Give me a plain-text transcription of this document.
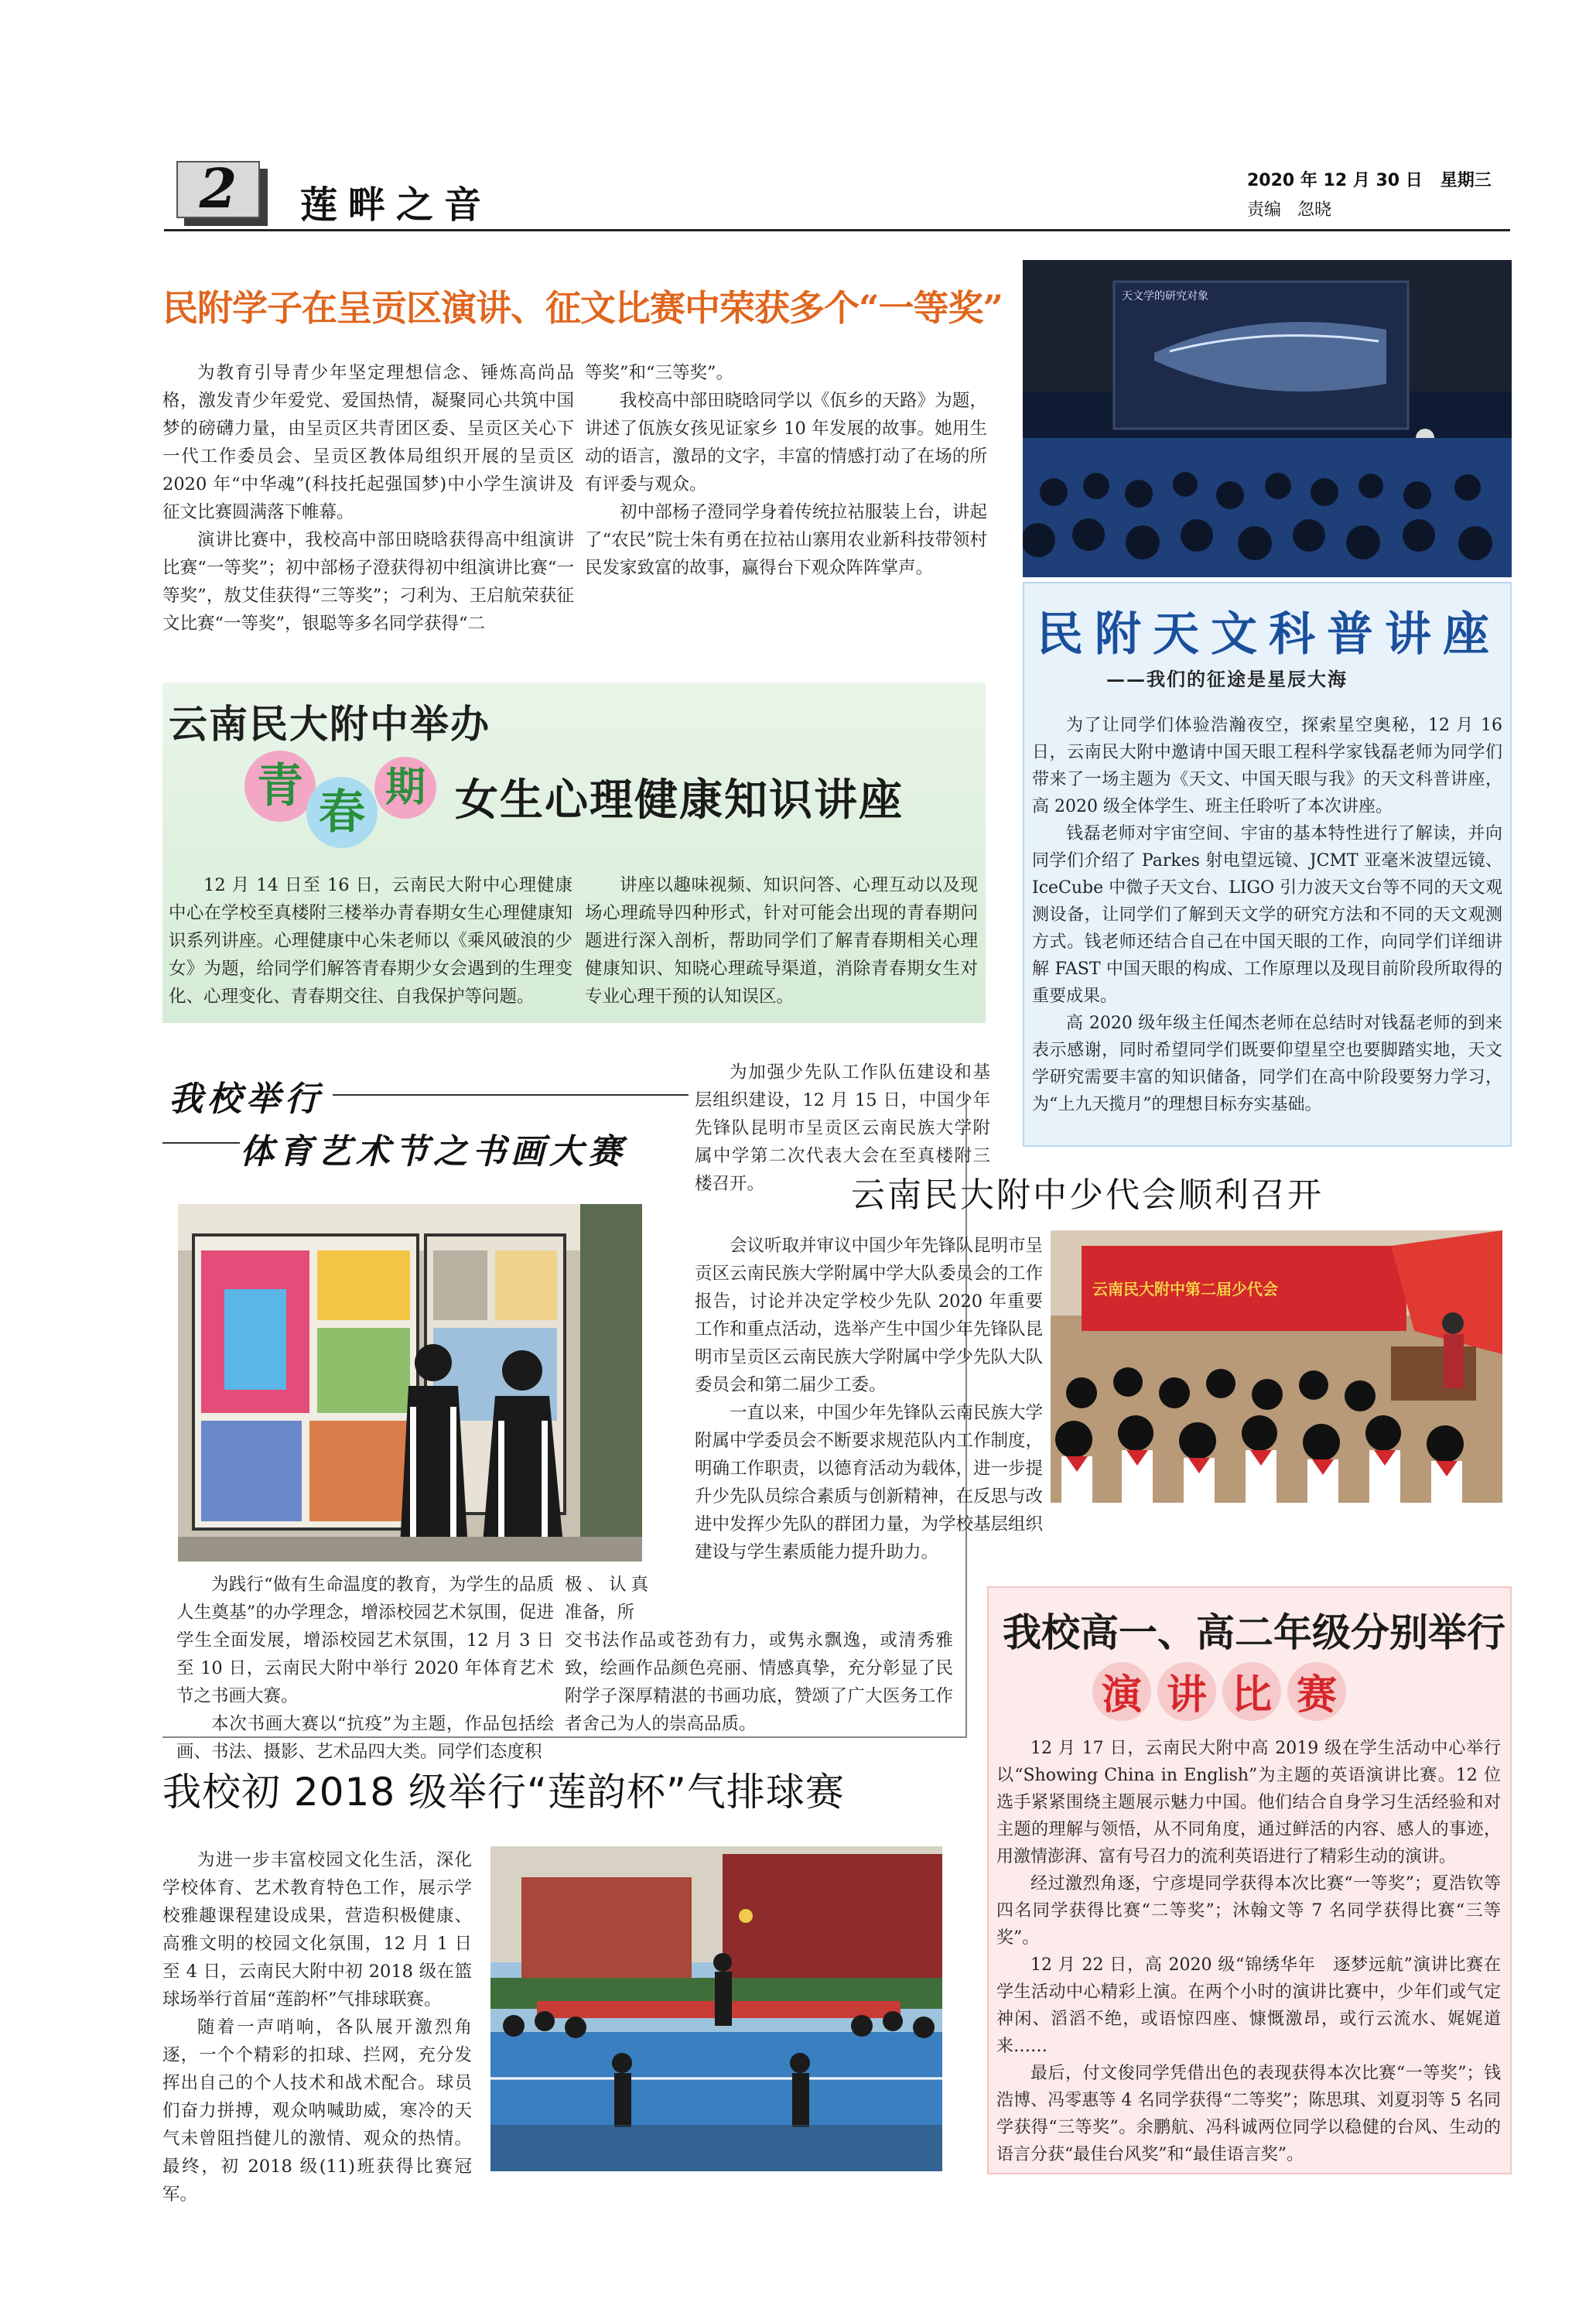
2	莲畔之音
2020 年 12 月 30 日   星期三
责编   忽晓
民附学子在呈贡区演讲、征文比赛中荣获多个“一等奖”

为教育引导青少年坚定理想信念、锤炼高尚品格，激发青少年爱党、爱国热情，凝聚同心共筑中国梦的磅礴力量，由呈贡区共青团区委、呈贡区关心下一代工作委员会、呈贡区教体局组织开展的呈贡区 2020 年“中华魂”(科技托起强国梦)中小学生演讲及征文比赛圆满落下帷幕。

演讲比赛中，我校高中部田晓晗获得高中组演讲比赛“一等奖”；初中部杨子澄获得初中组演讲比赛“一等奖”，敖艾佳获得“三等奖”；刁利为、王启航荣获征文比赛“一等奖”，银聪等多名同学获得“二

等奖”和“三等奖”。

我校高中部田晓晗同学以《佤乡的天路》为题，讲述了佤族女孩见证家乡 10 年发展的故事。她用生动的语言，激昂的文字，丰富的情感打动了在场的所有评委与观众。

初中部杨子澄同学身着传统拉祜服装上台，讲起了“农民”院士朱有勇在拉祜山寨用农业新科技带领村民发家致富的故事，赢得台下观众阵阵掌声。

天文学的研究对象
民附天文科普讲座
——我们的征途是星辰大海

为了让同学们体验浩瀚夜空，探索星空奥秘，12 月 16 日，云南民大附中邀请中国天眼工程科学家钱磊老师为同学们带来了一场主题为《天文、中国天眼与我》的天文科普讲座，高 2020 级全体学生、班主任聆听了本次讲座。

钱磊老师对宇宙空间、宇宙的基本特性进行了解读，并向同学们介绍了 Parkes 射电望远镜、JCMT 亚毫米波望远镜、IceCube 中微子天文台、LIGO 引力波天文台等不同的天文观测设备，让同学们了解到天文学的研究方法和不同的天文观测方式。钱老师还结合自己在中国天眼的工作，向同学们详细讲解 FAST 中国天眼的构成、工作原理以及现目前阶段所取得的重要成果。

高 2020 级年级主任闻杰老师在总结时对钱磊老师的到来表示感谢，同时希望同学们既要仰望星空也要脚踏实地，天文学研究需要丰富的知识储备，同学们在高中阶段要努力学习，为“上九天揽月”的理想目标夯实基础。

云南民大附中举办
青 春 期 女生心理健康知识讲座

12 月 14 日至 16 日，云南民大附中心理健康中心在学校至真楼附三楼举办青春期女生心理健康知识系列讲座。心理健康中心朱老师以《乘风破浪的少女》为题，给同学们解答青春期少女会遇到的生理变化、心理变化、青春期交往、自我保护等问题。

讲座以趣味视频、知识问答、心理互动以及现场心理疏导四种形式，针对可能会出现的青春期问题进行深入剖析，帮助同学们了解青春期相关心理健康知识、知晓心理疏导渠道，消除青春期女生对专业心理干预的认知误区。

我校举行
体育艺术节之书画大赛

为践行“做有生命温度的教育，为学生的品质人生奠基”的办学理念，增添校园艺术氛围，促进学生全面发展，增添校园艺术氛围，12 月 3 日至 10 日，云南民大附中举行 2020 年体育艺术节之书画大赛。

本次书画大赛以“抗疫”为主题，作品包括绘画、书法、摄影、艺术品四大类。同学们态度积

极、认真准备，所

交书法作品或苍劲有力，或隽永飘逸，或清秀雅致，绘画作品颜色亮丽、情感真挚，充分彰显了民附学子深厚精湛的书画功底，赞颂了广大医务工作者舍己为人的崇高品质。

为加强少先队工作队伍建设和基层组织建设，12 月 15 日，中国少年先锋队昆明市呈贡区云南民族大学附属中学第二次代表大会在至真楼附三楼召开。	云南民大附中少代会顺利召开
云南民大附中第二届少代会

会议听取并审议中国少年先锋队昆明市呈贡区云南民族大学附属中学大队委员会的工作报告，讨论并决定学校少先队 2020 年重要工作和重点活动，选举产生中国少年先锋队昆明市呈贡区云南民族大学附属中学少先队大队委员会和第二届少工委。

一直以来，中国少年先锋队云南民族大学附属中学委员会不断要求规范队内工作制度，明确工作职责，以德育活动为载体，进一步提升少先队员综合素质与创新精神，在反思与改进中发挥少先队的群团力量，为学校基层组织建设与学生素质能力提升助力。

我校初 2018 级举行“莲韵杯”气排球赛

为进一步丰富校园文化生活，深化学校体育、艺术教育特色工作，展示学校雅趣课程建设成果，营造积极健康、高雅文明的校园文化氛围，12 月 1 日至 4 日，云南民大附中初 2018 级在篮球场举行首届“莲韵杯”气排球联赛。

随着一声哨响，各队展开激烈角逐，一个个精彩的扣球、拦网，充分发挥出自己的个人技术和战术配合。球员们奋力拼搏，观众呐喊助威，寒冷的天气未曾阻挡健儿的激情、观众的热情。最终，初 2018 级(11)班获得比赛冠军。

我校高一、高二年级分别举行
演 讲 比 赛

12 月 17 日，云南民大附中高 2019 级在学生活动中心举行以“Showing China in English”为主题的英语演讲比赛。12 位选手紧紧围绕主题展示魅力中国。他们结合自身学习生活经验和对主题的理解与领悟，从不同角度，通过鲜活的内容、感人的事迹，用激情澎湃、富有号召力的流利英语进行了精彩生动的演讲。

经过激烈角逐，宁彦堤同学获得本次比赛“一等奖”；夏浩钦等四名同学获得比赛“二等奖”；沐翰文等 7 名同学获得比赛“三等奖”。

12 月 22 日，高 2020 级“锦绣华年　逐梦远航”演讲比赛在学生活动中心精彩上演。在两个小时的演讲比赛中，少年们或气定神闲、滔滔不绝，或语惊四座、慷慨激昂，或行云流水、娓娓道来……

最后，付文俊同学凭借出色的表现获得本次比赛“一等奖”；钱浩博、冯零惠等 4 名同学获得“二等奖”；陈思琪、刘夏羽等 5 名同学获得“三等奖”。余鹏航、冯科诚两位同学以稳健的台风、生动的语言分获“最佳台风奖”和“最佳语言奖”。
